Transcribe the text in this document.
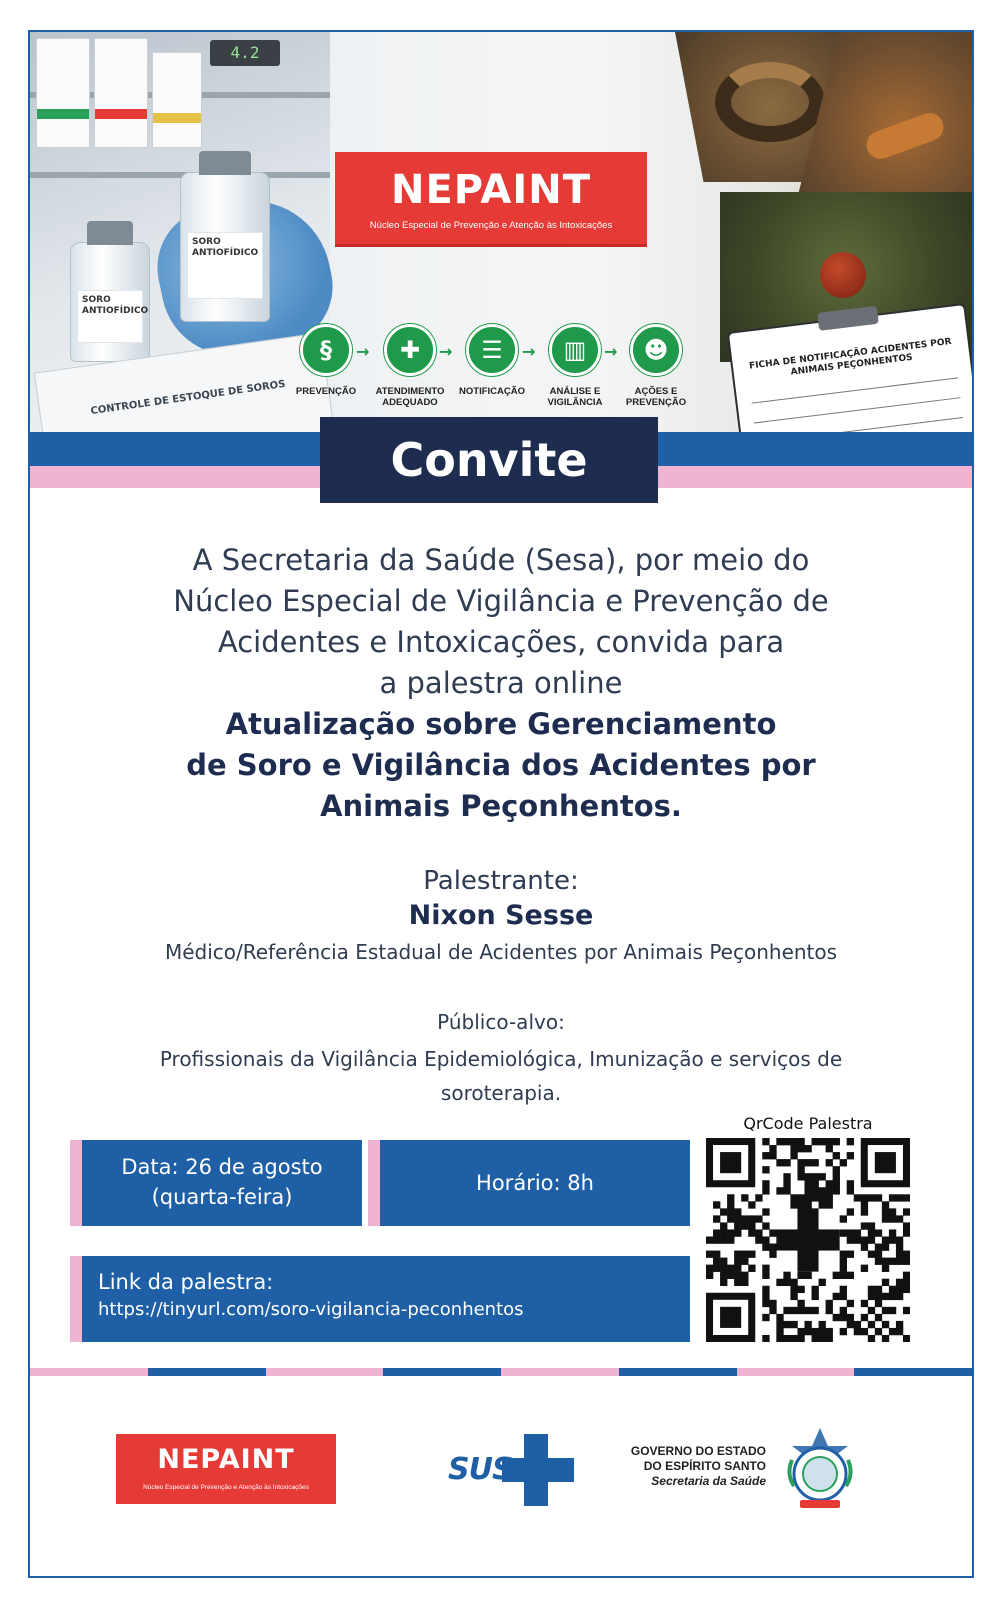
4.2
SORO ANTIOFÍDICO
SORO ANTIOFÍDICO
CONTROLE DE ESTOQUE DE SOROS
NEPAINT
Núcleo Especial de Prevenção e Atenção às Intoxicações
§
PREVENÇÃO
→	✚
ATENDIMENTO ADEQUADO
→	☰
NOTIFICAÇÃO
→	▥
ANÁLISE E VIGILÂNCIA
→	☻
AÇÕES E PREVENÇÃO
FICHA DE NOTIFICAÇÃO ACIDENTES POR ANIMAIS PEÇONHENTOS
Convite
A Secretaria da Saúde (Sesa), por meio do
Núcleo Especial de Vigilância e Prevenção de
Acidentes e Intoxicações, convida para
a palestra online
Atualização sobre Gerenciamento
de Soro e Vigilância dos Acidentes por
Animais Peçonhentos.
Palestrante:
Nixon Sesse
Médico/Referência Estadual de Acidentes por Animais Peçonhentos
Público-alvo:
Profissionais da Vigilância Epidemiológica, Imunização e serviços de
soroterapia.
Data: 26 de agosto
(quarta-feira)
Horário: 8h
Link da palestra:
https://tinyurl.com/soro-vigilancia-peconhentos
QrCode Palestra
NEPAINT
Núcleo Especial de Prevenção e Atenção às Intoxicações
SUS
GOVERNO DO ESTADO
DO ESPÍRITO SANTO
Secretaria da Saúde
